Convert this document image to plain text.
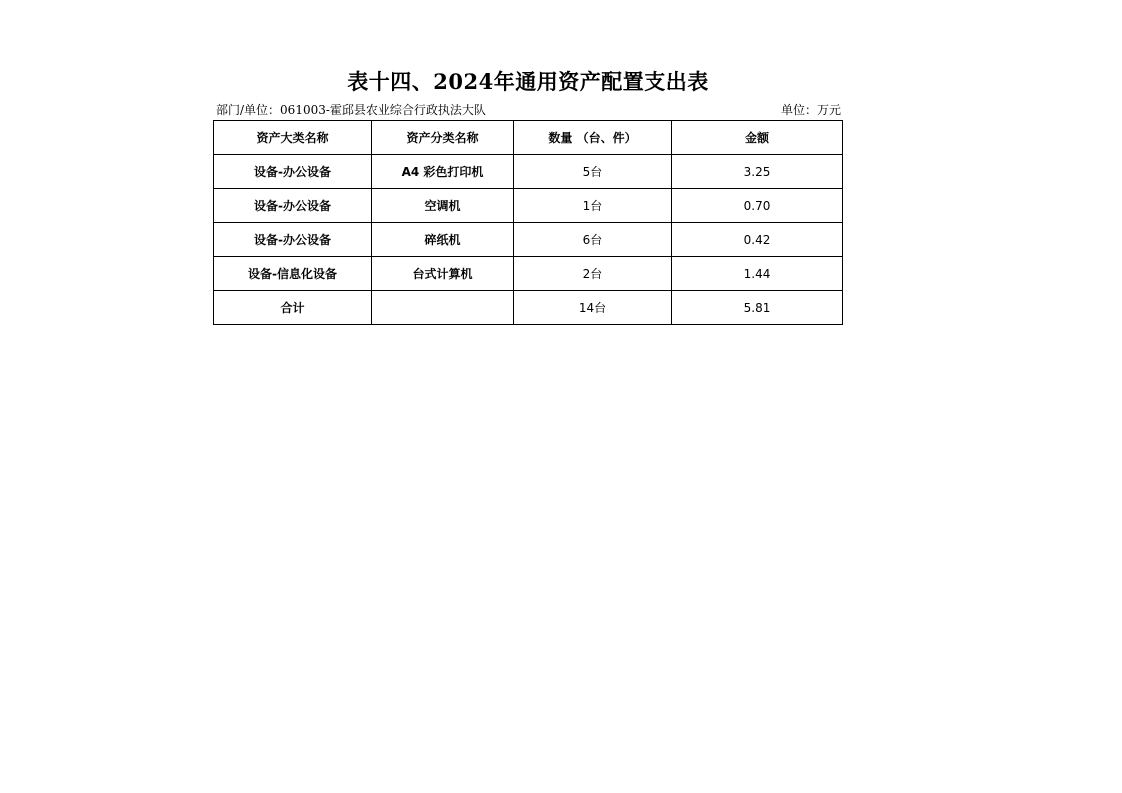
表十四、2024年通用资产配置支出表
部门/单位：061003-霍邱县农业综合行政执法大队	单位：万元
资产大类名称	资产分类名称	数量 （台、件）	金额
设备-办公设备	A4 彩色打印机	5台	3.25
设备-办公设备	空调机	1台	0.70
设备-办公设备	碎纸机	6台	0.42
设备-信息化设备	台式计算机	2台	1.44
合计		14台	5.81
